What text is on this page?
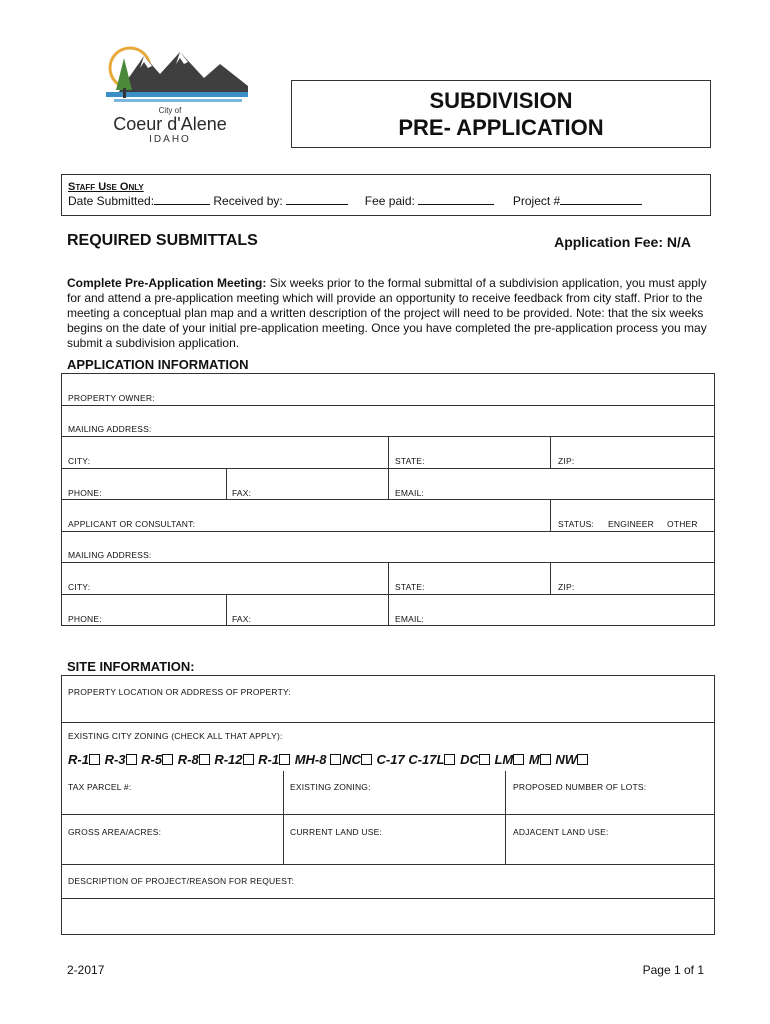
City of
Coeur d'Alene
IDAHO
SUBDIVISION
PRE- APPLICATION
Staff Use Only
Date Submitted:	Received by:	Fee paid:	Project #
REQUIRED SUBMITTALS	Application Fee: N/A
Complete Pre-Application Meeting: Six weeks prior to the formal submittal of a subdivision application, you must apply for and attend a pre-application meeting which will provide an opportunity to receive feedback from city staff. Prior to the meeting a conceptual plan map and a written description of the project will need to be provided. Note: that the six weeks begins on the date of your initial pre-application meeting. Once you have completed the pre-application process you may submit a subdivision application.
APPLICATION INFORMATION
PROPERTY OWNER:
MAILING ADDRESS:
CITY:	STATE:	ZIP:
PHONE:	FAX:	EMAIL:
APPLICANT OR CONSULTANT:	STATUS: ENGINEER OTHER
MAILING ADDRESS:
CITY:	STATE:	ZIP:
PHONE:	FAX:	EMAIL:
SITE INFORMATION:
PROPERTY LOCATION OR ADDRESS OF PROPERTY:
EXISTING CITY ZONING (CHECK ALL THAT APPLY):
TAX PARCEL #:	EXISTING ZONING:	PROPOSED NUMBER OF LOTS:
GROSS AREA/ACRES:	CURRENT LAND USE:	ADJACENT LAND USE:
DESCRIPTION OF PROJECT/REASON FOR REQUEST:
R-1 R-3 R-5 R-8 R-12 R-1 MH-8 NC C-17 C-17L DC LM M NW
2-2017	Page 1 of 1
